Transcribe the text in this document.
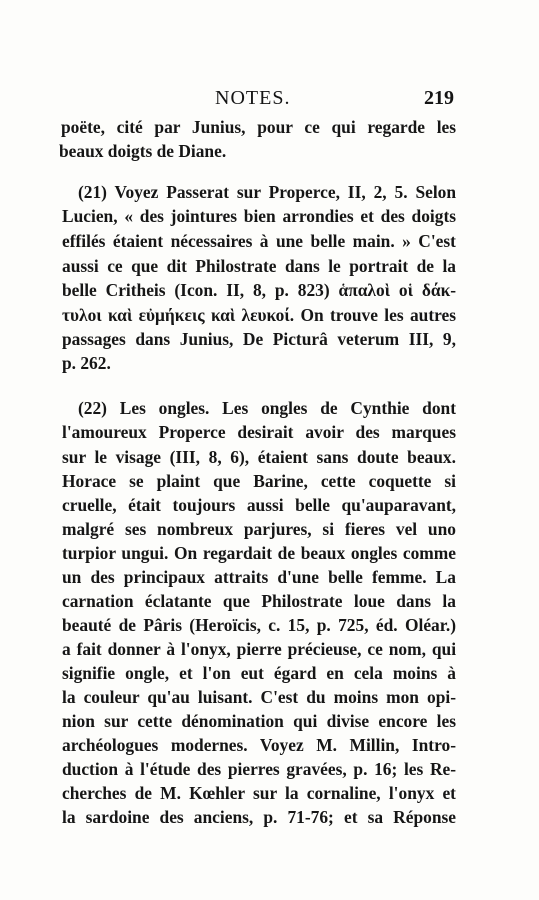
NOTES.	219
poëte, cité par Junius, pour ce qui regarde les
beaux doigts de Diane.
(21) Voyez Passerat sur Properce, II, 2, 5. Selon
Lucien, « des jointures bien arrondies et des doigts
effilés étaient nécessaires à une belle main. » C'est
aussi ce que dit Philostrate dans le portrait de la
belle Critheis (Icon. II, 8, p. 823) ἁπαλοὶ οἱ δάκ-
τυλοι καὶ εὐμήκεις καὶ λευκοί. On trouve les autres
passages dans Junius, De Picturâ veterum III, 9,
p. 262.
(22) Les ongles. Les ongles de Cynthie dont
l'amoureux Properce desirait avoir des marques
sur le visage (III, 8, 6), étaient sans doute beaux.
Horace se plaint que Barine, cette coquette si
cruelle, était toujours aussi belle qu'auparavant,
malgré ses nombreux parjures, si fieres vel uno
turpior ungui. On regardait de beaux ongles comme
un des principaux attraits d'une belle femme. La
carnation éclatante que Philostrate loue dans la
beauté de Pâris (Heroïcis, c. 15, p. 725, éd. Oléar.)
a fait donner à l'onyx, pierre précieuse, ce nom, qui
signifie ongle, et l'on eut égard en cela moins à
la couleur qu'au luisant. C'est du moins mon opi-
nion sur cette dénomination qui divise encore les
archéologues modernes. Voyez M. Millin, Intro-
duction à l'étude des pierres gravées, p. 16; les Re-
cherches de M. Kœhler sur la cornaline, l'onyx et
la sardoine des anciens, p. 71-76; et sa Réponse
